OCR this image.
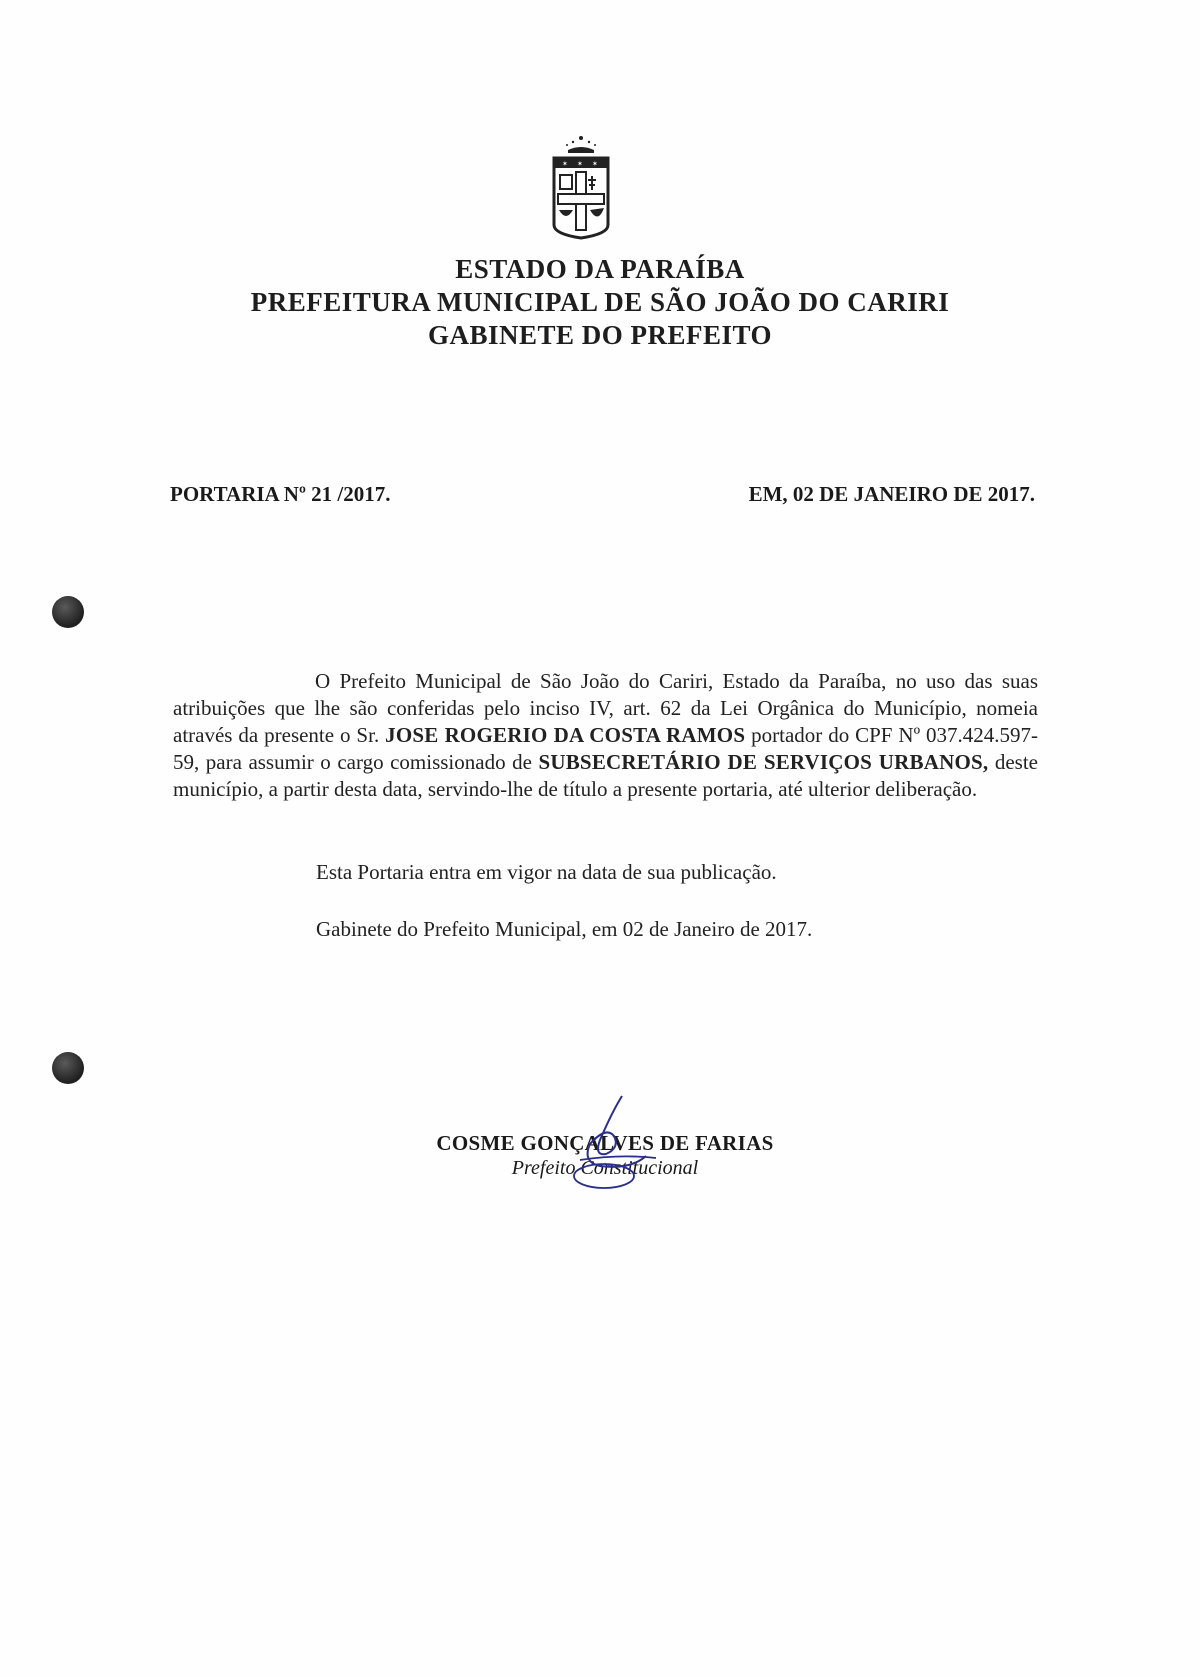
✶ ✶ ✶
ESTADO DA PARAÍBA
PREFEITURA MUNICIPAL DE SÃO JOÃO DO CARIRI
GABINETE DO PREFEITO
PORTARIA Nº 21 /2017.	EM, 02 DE JANEIRO DE 2017.
O Prefeito Municipal de São João do Cariri, Estado da Paraíba, no uso das suas atribuições que lhe são conferidas pelo inciso IV, art. 62 da Lei Orgânica do Município, nomeia através da presente o Sr. JOSE ROGERIO DA COSTA RAMOS portador do CPF Nº 037.424.597-59, para assumir o cargo comissionado de SUBSECRETÁRIO DE SERVIÇOS URBANOS, deste município, a partir desta data, servindo-lhe de título a presente portaria, até ulterior deliberação.
Esta Portaria entra em vigor na data de sua publicação.
Gabinete do Prefeito Municipal, em 02 de Janeiro de 2017.
COSME GONÇALVES DE FARIAS
Prefeito Constitucional
